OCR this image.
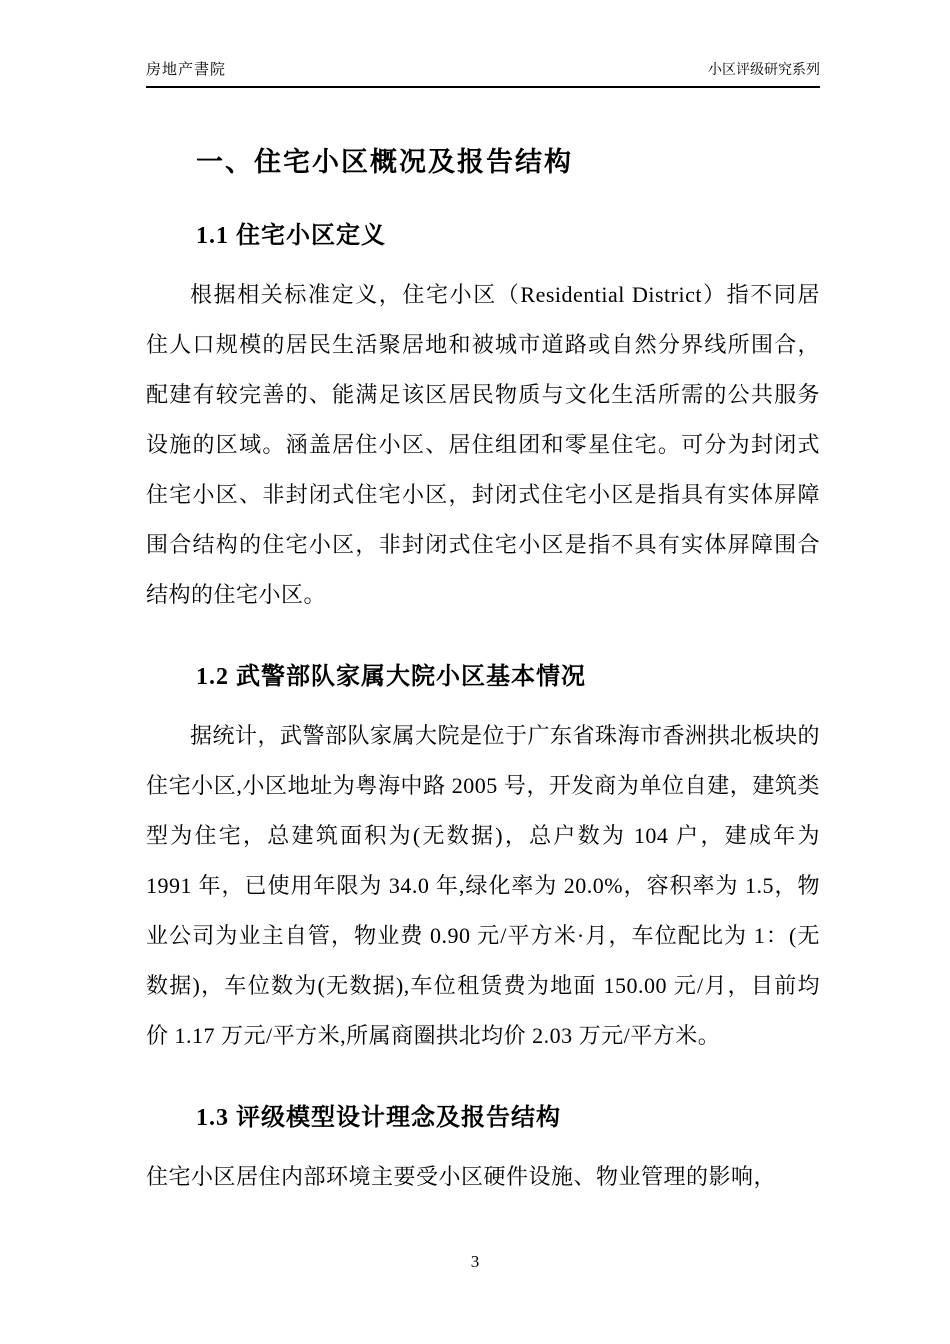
房地产書院	小区评级研究系列
一、住宅小区概况及报告结构
1.1 住宅小区定义

根据相关标准定义，住宅小区（Residential District）指不同居住人口规模的居民生活聚居地和被城市道路或自然分界线所围合，配建有较完善的、能满足该区居民物质与文化生活所需的公共服务设施的区域。涵盖居住小区、居住组团和零星住宅。可分为封闭式住宅小区、非封闭式住宅小区，封闭式住宅小区是指具有实体屏障围合结构的住宅小区，非封闭式住宅小区是指不具有实体屏障围合结构的住宅小区。

1.2 武警部队家属大院小区基本情况

据统计，武警部队家属大院是位于广东省珠海市香洲拱北板块的住宅小区,小区地址为粤海中路 2005 号，开发商为单位自建，建筑类型为住宅，总建筑面积为(无数据)，总户数为 104 户，建成年为 1991 年，已使用年限为 34.0 年,绿化率为 20.0%，容积率为 1.5，物业公司为业主自管，物业费 0.90 元/平方米·月，车位配比为 1：(无数据)，车位数为(无数据),车位租赁费为地面 150.00 元/月，目前均价 1.17 万元/平方米,所属商圈拱北均价 2.03 万元/平方米。

1.3 评级模型设计理念及报告结构

住宅小区居住内部环境主要受小区硬件设施、物业管理的影响，

3
